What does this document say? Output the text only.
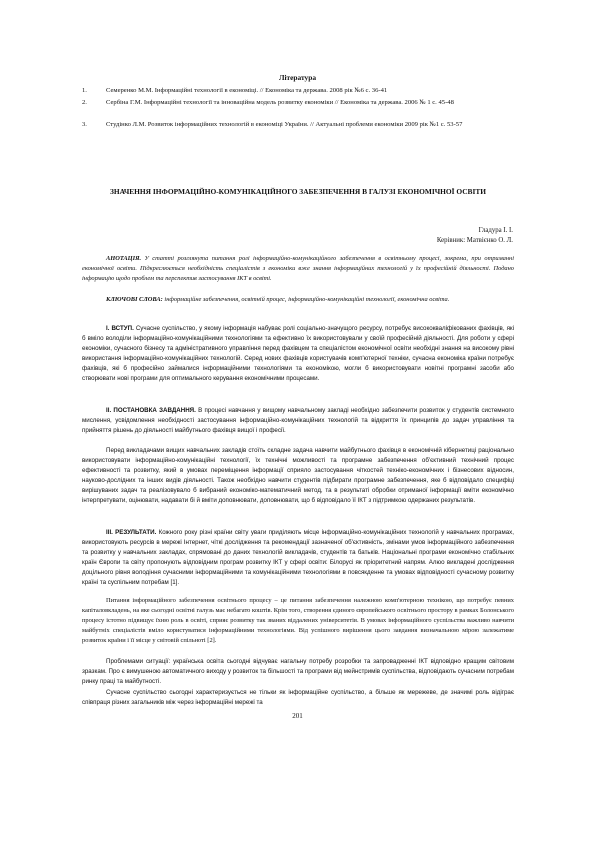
Література
1.	Семеренко М.М. Інформаційні технології в економіці. // Економіка та держава. 2008 рік №6 с. 36-41
2.	Сербіна Г.М. Інформаційні технології та інноваційна модель розвитку економіки // Економіка та держава. 2006 № 1 с. 45-48
3.	Студінко Л.М. Розвиток інформаційних технологій в економіці України. // Актуальні проблеми економіки 2009 рік №1 с. 53-57
ЗНАЧЕННЯ ІНФОРМАЦІЙНО-КОМУНІКАЦІЙНОГО ЗАБЕЗПЕЧЕННЯ В ГАЛУЗІ ЕКОНОМІЧНОЇ ОСВІТИ
Гладура І. І.
Керівник: Матвієнко О. Л.

АНОТАЦІЯ. У статті розглянута питання ролі інформаційно-комунікаційного забезпечення в освітньому процесі, зокрема, при отриманні економічної освіти. Підкреслюється необхідність спеціалістів з економіки вже знання інформаційних технологій у їх професійній діяльності. Подано інформацію щодо проблем та перспектив застосування ІКТ в освіті.

КЛЮЧОВІ СЛОВА: інформаційне забезпечення, освітній процес, інформаційно-комунікаційні технології, економічна освіта.

І. ВСТУП. Сучасне суспільство, у якому інформація набуває ролі соціально-значущого ресурсу, потребує висококваліфікованих фахівців, які б вміло володіли інформаційно-комунікаційними технологіями та ефективно їх використовували у своїй професійній діяльності. Для роботи у сфері економіки, сучасного бізнесу та адміністративного управління перед фахівцем та спеціалістом економічної освіти необхідні знання на високому рівні використання інформаційно-комунікаційних технологій. Серед нових фахівців користувачів комп'ютерної техніки, сучасна економіка країни потребує фахівців, які б професійно займалися інформаційними технологіями та економікою, могли б використовувати новітні програмні засоби або створювати нові програми для оптимального керування економічними процесами.

ІІ. ПОСТАНОВКА ЗАВДАННЯ. В процесі навчання у вищому навчальному закладі необхідно забезпечити розвиток у студентів системного мислення, усвідомлення необхідності застосування інформаційно-комунікаційних технологій та відкриття їх принципів до задач управління та прийняття рішень до діяльності майбутнього фахівця вищої і професії.

Перед викладачами вищих навчальних закладів стоїть складне задача навчити майбутнього фахівця в економічній кібернетиці раціонально використовувати інформаційно-комунікаційні технології, їх технічні можливості та програмне забезпечення об'єктивний технічний процес ефективності та розвитку, який в умовах переміщення інформації сприяло застосування чіткостей техніко-економічних і бізнесових відносин, науково-дослідних та інших видів діяльності. Також необхідно навчити студентів підбирати програмне забезпечення, яке б відповідало специфіці вирішуваних задач та реалізовувало б вибраний економіко-математичний метод, та в результаті обробки отриманої інформації вміти економічно інтерпретувати, оцінювати, надавати бі й вміти доповнювати, доповнювати, що б відповідало її ІКТ з підтримкою одержаних результатів.

ІІІ. РЕЗУЛЬТАТИ. Кожного року різні країни світу уваги приділяють місце інформаційно-комунікаційних технологій у навчальних програмах, використовують ресурсів в мережі Інтернет, чіткі дослідження та рекомендації зазначеної об'єктивність, змінами умов інформаційного забезпечення та розвитку у навчальних закладах, спрямовані до даних технологій викладачів, студентів та батьків. Національні програми економічно стабільних країн Європи та світу пропонують відповідним програм розвитку ІКТ у сфері освіти: Білорусі як пріоритетний напрям. Алюо викладені дослідження доцільного рівня володіння сучасними інформаційними та комунікаційними технологіями в повсякденне та умовах відповідності сучасному розвитку країні та суспільним потребам [1].

Питання інформаційного забезпечення освітнього процесу – це питання забезпечення належною комп'ютерною технікою, що потребує певних капіталовкладень, на яке сьогодні освітні галузь має небагато коштів. Крім того, створення єдиного європейського освітнього простору в рамках Болонського процесу істотно підвищує їхню роль в освіті, сприяє розвитку так званих віддалених університетів. В умовах інформаційного суспільства важливо навчити майбутніх спеціалістів вміло користуватися інформаційними технологіями. Від успішного вирішення цього завдання визначальною мірою залежатиме розвиток країни і її місце у світовій спільноті [2].

Проблемами ситуації: українська освіта сьогодні відчуває нагальну потребу розробки та запровадженні ІКТ відповідно кращим світовим зразкам. Про є вимушеною автоматичного виходу у розвиток та більшості та програми від мейнстримів суспільства, відповідають сучасним потребам ринку праці та майбутності.

Сучасне суспільство сьогодні характеризується не тільки як інформаційне суспільство, а більше як мережеве, де значимі роль відіграє співпраця різних загальників між через інформаційні мережі та

201
